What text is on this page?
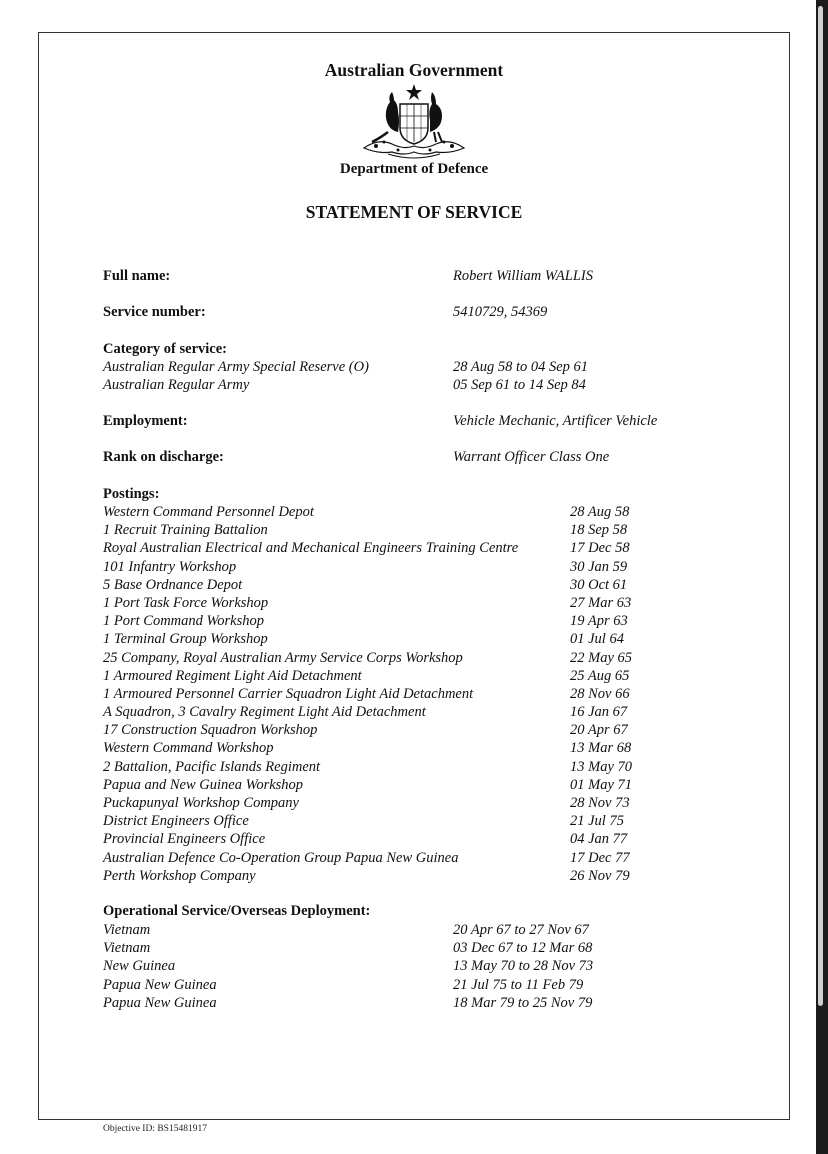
Australian Government
Department of Defence
STATEMENT OF SERVICE
Full name:	Robert William WALLIS
Service number:	5410729, 54369
Category of service:
Australian Regular Army Special Reserve (O)	28 Aug 58 to 04 Sep 61
Australian Regular Army	05 Sep 61 to 14 Sep 84
Employment:	Vehicle Mechanic, Artificer Vehicle
Rank on discharge:	Warrant Officer Class One
Postings:
Western Command Personnel Depot	28 Aug 58
1 Recruit Training Battalion	18 Sep 58
Royal Australian Electrical and Mechanical Engineers Training Centre	17 Dec 58
101 Infantry Workshop	30 Jan 59
5 Base Ordnance Depot	30 Oct 61
1 Port Task Force Workshop	27 Mar 63
1 Port Command Workshop	19 Apr 63
1 Terminal Group Workshop	01 Jul 64
25 Company, Royal Australian Army Service Corps Workshop	22 May 65
1 Armoured Regiment Light Aid Detachment	25 Aug 65
1 Armoured Personnel Carrier Squadron Light Aid Detachment	28 Nov 66
A Squadron, 3 Cavalry Regiment Light Aid Detachment	16 Jan 67
17 Construction Squadron Workshop	20 Apr 67
Western Command Workshop	13 Mar 68
2 Battalion, Pacific Islands Regiment	13 May 70
Papua and New Guinea Workshop	01 May 71
Puckapunyal Workshop Company	28 Nov 73
District Engineers Office	21 Jul 75
Provincial Engineers Office	04 Jan 77
Australian Defence Co-Operation Group Papua New Guinea	17 Dec 77
Perth Workshop Company	26 Nov 79
Operational Service/Overseas Deployment:
Vietnam	20 Apr 67 to 27 Nov 67
Vietnam	03 Dec 67 to 12 Mar 68
New Guinea	13 May 70 to 28 Nov 73
Papua New Guinea	21 Jul 75 to 11 Feb 79
Papua New Guinea	18 Mar 79 to 25 Nov 79
Objective ID: BS15481917
